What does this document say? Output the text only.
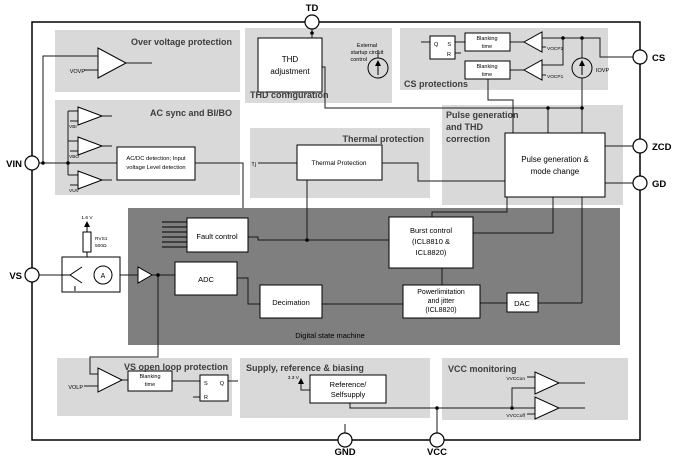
TD
CS
ZCD
GD
VIN
VS
GND	VCC
Over voltage protection
AC sync and BI/BO
THD configuration
CS protections
Thermal protection
Pulse generation
and THD
correction
VS open loop protection Supply, reference & biasing	VCC monitoring
Digital state machine
VOVP
VBI
VBO
VUV
AC/DC detection; Input
voltage Level detection
THD
adjustment
External
startup circuit
control
Q S
R
Blanking
time
Blanking
time
VOCP2
VOCP1
IOVP
Tj	Thermal Protection	Pulse generation &
mode change
Fault control
ADC
Decimation
Burst control
(ICL8810 &
ICL8820)
Powerlimitation
and jitter
(ICL8820)
DAC
1.6 V
RVS1
500Ω
A
I
VOLP
Blanking
time	S Q
R
3.3 V
Reference/
Selfsupply
VVCCon
VVCCoff
